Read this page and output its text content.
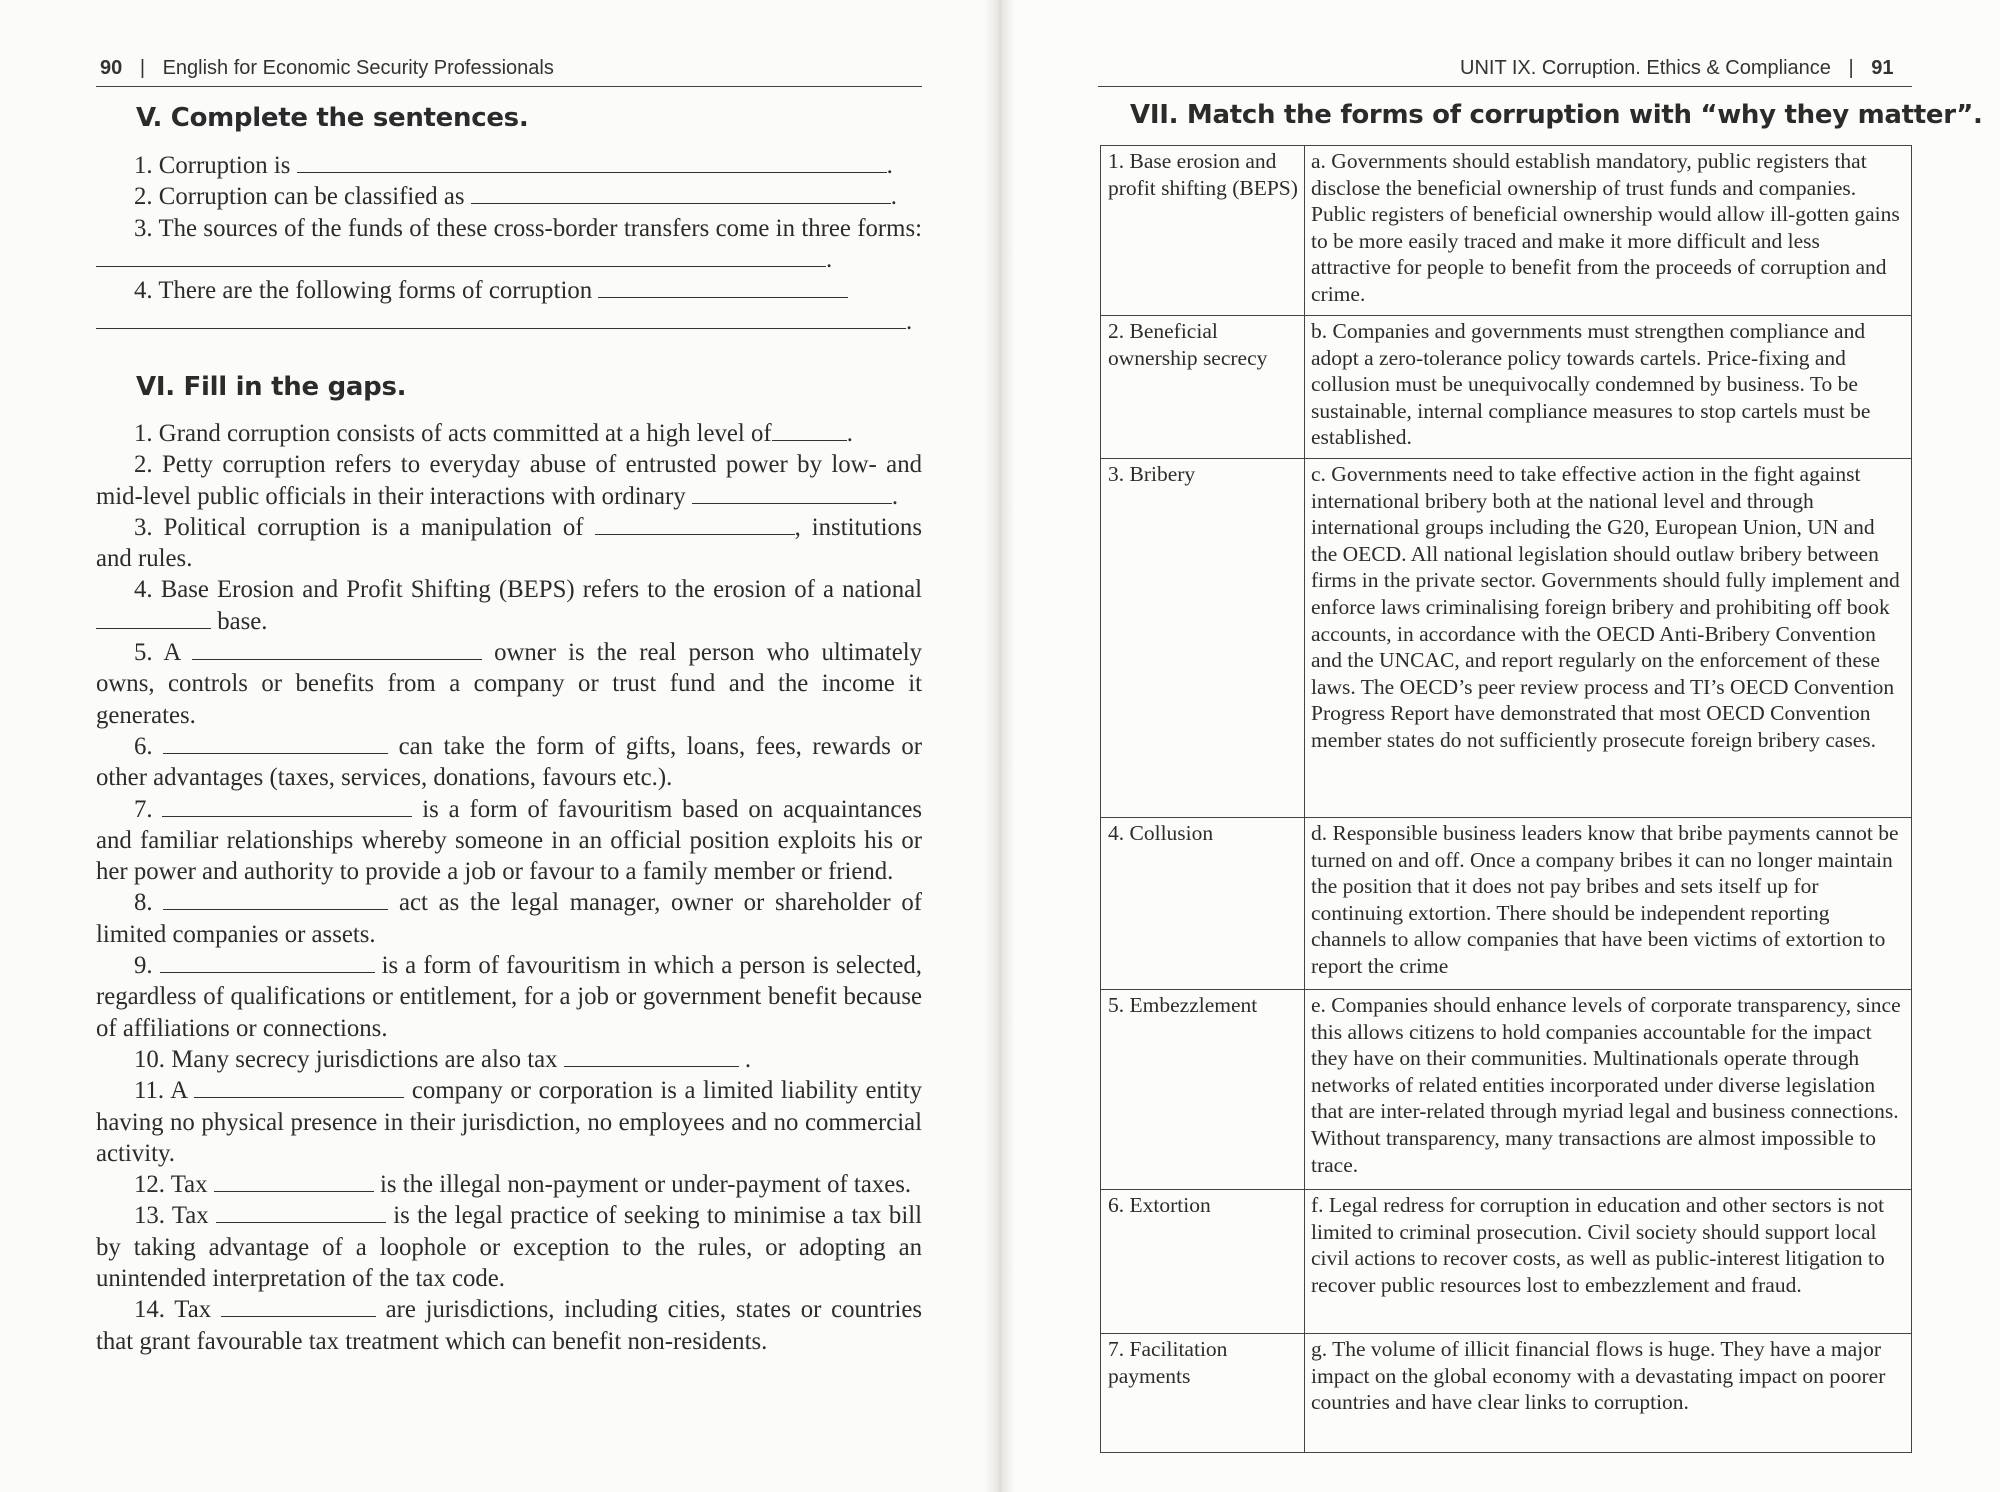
90 | English for Economic Security Professionals
V. Complete the sentences.

1. Corruption is	.

2. Corruption can be classified as	.

3. The sources of the funds of these cross-border transfers come in three forms: .

4. There are the following forms of corruption

.

VI. Fill in the gaps.

1. Grand corruption consists of acts committed at a high level of	.

2. Petty corruption refers to everyday abuse of entrusted power by low- and mid-level public officials in their interactions with ordinary	.

3. Political corruption is a manipulation of	, institutions and rules.

4. Base Erosion and Profit Shifting (BEPS) refers to the erosion of a national  base.

5. A	owner is the real person who ultimately owns, controls or benefits from a company or trust fund and the income it generates.

6.	can take the form of gifts, loans, fees, rewards or other advantages (taxes, services, donations, favours etc.).

7.	is a form of favouritism based on acquaintances and familiar relationships whereby someone in an official position exploits his or her power and authority to provide a job or favour to a family member or friend.

8.	act as the legal manager, owner or shareholder of limited companies or assets.

9.	is a form of favouritism in which a person is selected, regardless of qualifications or entitlement, for a job or government benefit because of affiliations or connections.

10. Many secrecy jurisdictions are also tax	.

11. A	company or corporation is a limited liability entity having no physical presence in their jurisdiction, no employees and no commercial activity.

12. Tax	is the illegal non-payment or under-payment of taxes.

13. Tax	is the legal practice of seeking to minimise a tax bill by taking advantage of a loophole or exception to the rules, or adopting an unintended interpretation of the tax code.

14. Tax	are jurisdictions, including cities, states or countries that grant favourable tax treatment which can benefit non-residents.

UNIT IX. Corruption. Ethics & Compliance | 91
VII. Match the forms of corruption with “why they matter”.
1. Base erosion and profit shifting (BEPS)	a. Governments should establish mandatory, public registers that disclose the beneficial ownership of trust funds and companies. Public registers of beneficial ownership would allow ill-gotten gains to be more easily traced and make it more difficult and less attractive for people to benefit from the proceeds of corruption and crime.
2. Beneficial ownership secrecy	b. Companies and governments must strengthen compliance and adopt a zero-tolerance policy towards cartels. Price-fixing and collusion must be unequivocally condemned by business. To be sustainable, internal compliance measures to stop cartels must be established.
3. Bribery	c. Governments need to take effective action in the fight against international bribery both at the national level and through international groups including the G20, European Union, UN and the OECD. All national legislation should outlaw bribery between firms in the private sector. Governments should fully implement and enforce laws criminalising foreign bribery and prohibiting off book accounts, in accordance with the OECD Anti-Bribery Convention and the UNCAC, and report regularly on the enforcement of these laws. The OECD’s peer review process and TI’s OECD Convention Progress Report have demonstrated that most OECD Convention member states do not sufficiently prosecute foreign bribery cases.
4. Collusion	d. Responsible business leaders know that bribe payments cannot be turned on and off. Once a company bribes it can no longer maintain the position that it does not pay bribes and sets itself up for continuing extortion. There should be independent reporting channels to allow companies that have been victims of extortion to report the crime
5. Embezzlement	e. Companies should enhance levels of corporate transparency, since this allows citizens to hold companies accountable for the impact they have on their communities. Multinationals operate through networks of related entities incorporated under diverse legislation that are inter-related through myriad legal and business connections. Without transparency, many transactions are almost impossible to trace.
6. Extortion	f. Legal redress for corruption in education and other sectors is not limited to criminal prosecution. Civil society should support local civil actions to recover costs, as well as public-interest litigation to recover public resources lost to embezzlement and fraud.
7. Facilitation payments	g. The volume of illicit financial flows is huge. They have a major impact on the global economy with a devastating impact on poorer countries and have clear links to corruption.
